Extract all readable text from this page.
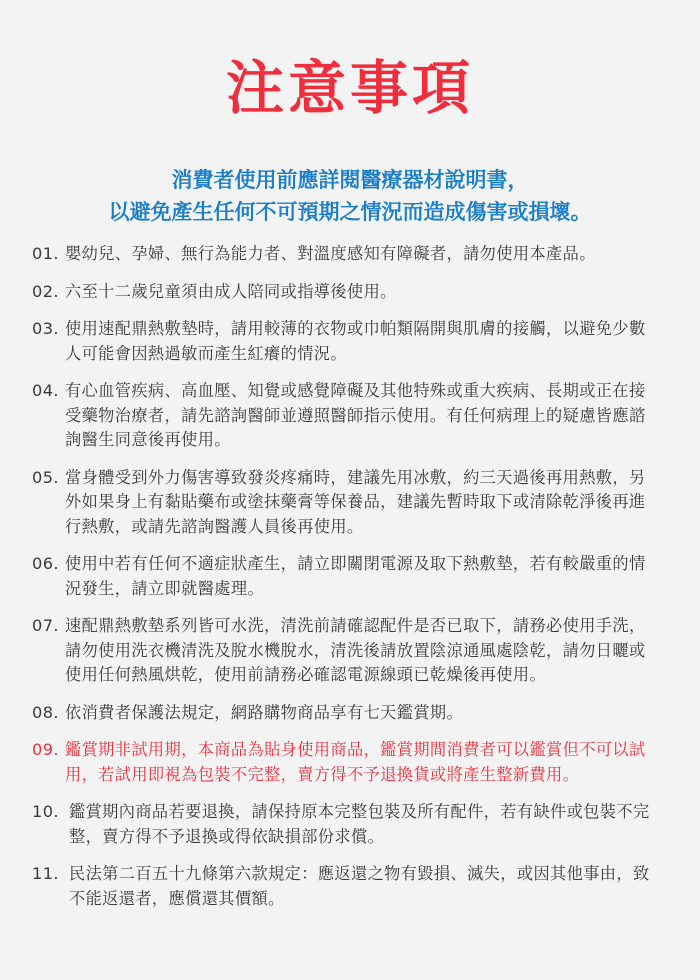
注意事項
消費者使用前應詳閱醫療器材說明書，
以避免產生任何不可預期之情況而造成傷害或損壞。
01. 嬰幼兒、孕婦、無行為能力者、對溫度感知有障礙者，請勿使用本產品。
02. 六至十二歲兒童須由成人陪同或指導後使用。
03. 使用速配鼎熱敷墊時，請用較薄的衣物或巾帕類隔開與肌膚的接觸，以避免少數人可能會因熱過敏而產生紅癢的情況。
04. 有心血管疾病、高血壓、知覺或感覺障礙及其他特殊或重大疾病、長期或正在接受藥物治療者，請先諮詢醫師並遵照醫師指示使用。有任何病理上的疑慮皆應諮詢醫生同意後再使用。
05. 當身體受到外力傷害導致發炎疼痛時，建議先用冰敷，約三天過後再用熱敷，另外如果身上有黏貼藥布或塗抹藥膏等保養品，建議先暫時取下或清除乾淨後再進行熱敷，或請先諮詢醫護人員後再使用。
06. 使用中若有任何不適症狀產生，請立即關閉電源及取下熱敷墊，若有較嚴重的情況發生，請立即就醫處理。
07. 速配鼎熱敷墊系列皆可水洗，清洗前請確認配件是否已取下，請務必使用手洗，請勿使用洗衣機清洗及脫水機脫水，清洗後請放置陰涼通風處陰乾，請勿日曬或使用任何熱風烘乾，使用前請務必確認電源線頭已乾燥後再使用。
08. 依消費者保護法規定，網路購物商品享有七天鑑賞期。
09. 鑑賞期非試用期，本商品為貼身使用商品，鑑賞期間消費者可以鑑賞但不可以試用，若試用即視為包裝不完整，賣方得不予退換貨或將產生整新費用。
10. 鑑賞期內商品若要退換，請保持原本完整包裝及所有配件，若有缺件或包裝不完整，賣方得不予退換或得依缺損部份求償。
11. 民法第二百五十九條第六款規定：應返還之物有毀損、滅失，或因其他事由，致不能返還者，應償還其價額。
